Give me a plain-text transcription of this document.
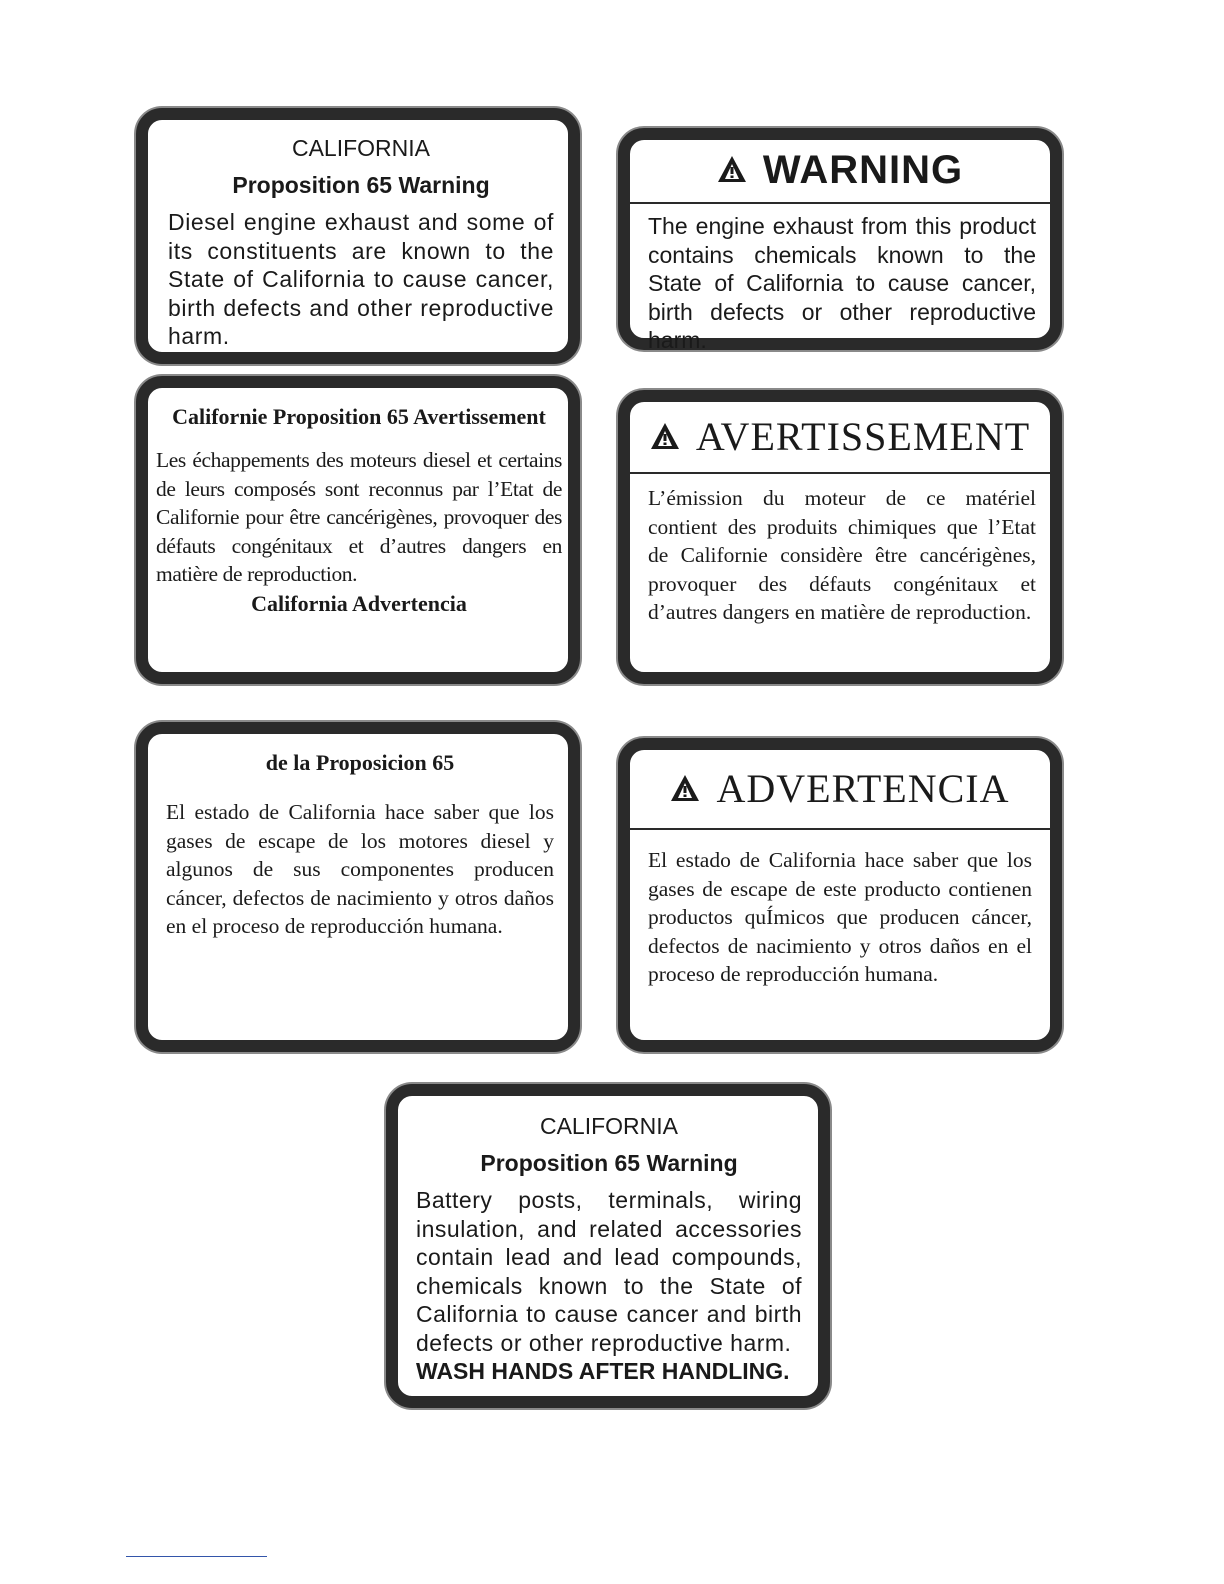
CALIFORNIA
Proposition 65 Warning
Diesel engine exhaust and some of its constituents are known to the State of California to cause cancer, birth defects and other reproductive harm.
WARNING
The engine exhaust from this product contains chemicals known to the State of California to cause cancer, birth defects or other reproductive harm.
Californie Proposition 65 Avertissement
Les échappements des moteurs diesel et certains de leurs composés sont reconnus par l’Etat de Californie pour être cancérigènes, provoquer des défauts congénitaux et d’autres dangers en matière de reproduction.
California Advertencia
AVERTISSEMENT
L’émission du moteur de ce matériel contient des produits chimiques que l’Etat de Californie considère être cancérigènes, provoquer des défauts congénitaux et d’autres dangers en matière de reproduction.
de la Proposicion 65
El estado de California hace saber que los gases de escape de los motores diesel y algunos de sus componentes producen cáncer, defectos de nacimiento y otros daños en el proceso de reproducción humana.
ADVERTENCIA
El estado de California hace saber que los gases de escape de este producto contienen productos quÍmicos que producen cáncer, defectos de nacimiento y otros daños en el proceso de reproducción humana.
CALIFORNIA
Proposition 65 Warning
Battery posts, terminals, wiring insulation, and related accessories contain lead and lead compounds, chemicals known to the State of California to cause cancer and birth defects or other reproductive harm.
WASH HANDS AFTER HANDLING.
